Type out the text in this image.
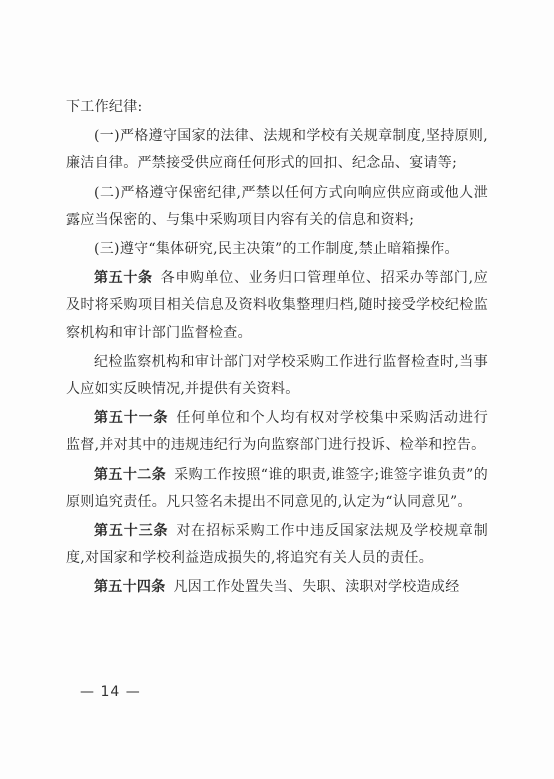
下工作纪律:

(一)严格遵守国家的法律、法规和学校有关规章制度,坚持原则,廉洁自律。严禁接受供应商任何形式的回扣、纪念品、宴请等;

(二)严格遵守保密纪律,严禁以任何方式向响应供应商或他人泄露应当保密的、与集中采购项目内容有关的信息和资料;

(三)遵守“集体研究,民主决策”的工作制度,禁止暗箱操作。

第五十条 各申购单位、业务归口管理单位、招采办等部门,应及时将采购项目相关信息及资料收集整理归档,随时接受学校纪检监察机构和审计部门监督检查。

纪检监察机构和审计部门对学校采购工作进行监督检查时,当事人应如实反映情况,并提供有关资料。

第五十一条 任何单位和个人均有权对学校集中采购活动进行监督,并对其中的违规违纪行为向监察部门进行投诉、检举和控告。

第五十二条 采购工作按照“谁的职责,谁签字;谁签字谁负责”的原则追究责任。凡只签名未提出不同意见的,认定为“认同意见”。

第五十三条 对在招标采购工作中违反国家法规及学校规章制度,对国家和学校利益造成损失的,将追究有关人员的责任。

第五十四条 凡因工作处置失当、失职、渎职对学校造成经

— 14 —
